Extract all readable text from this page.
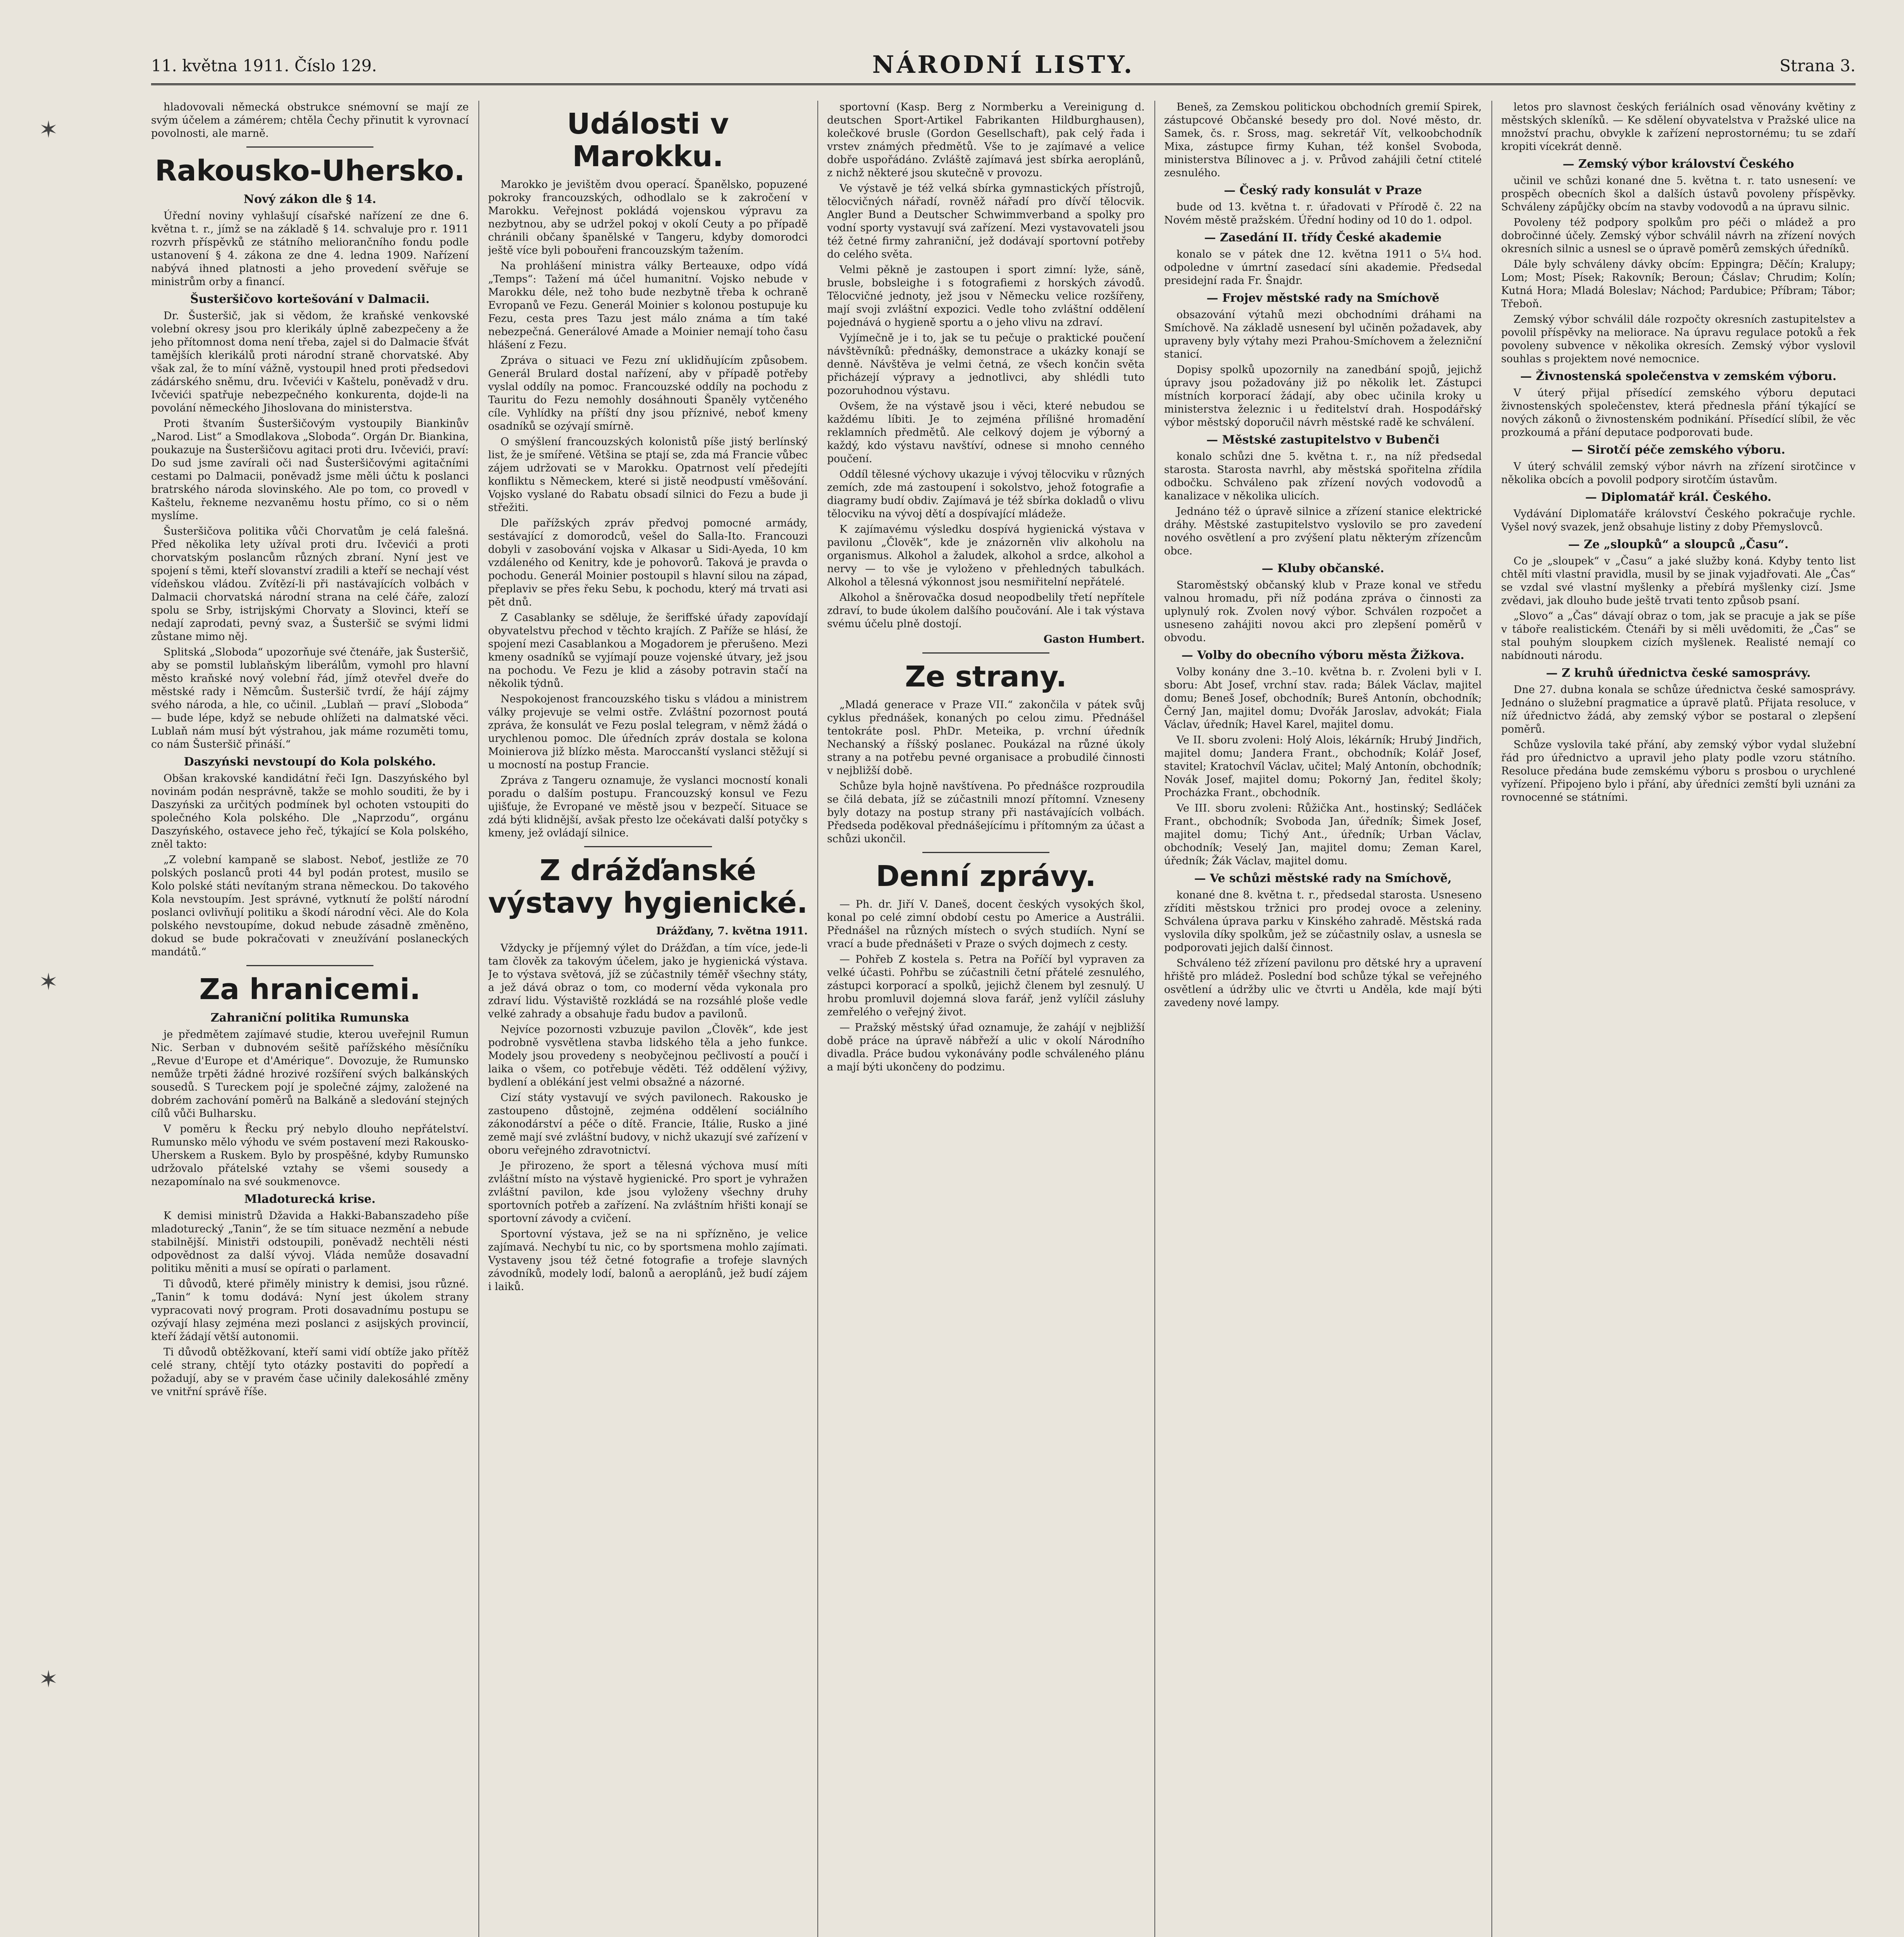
11. května 1911. Číslo 129.	NÁRODNÍ LISTY.	Strana 3.
✶
✶
✶

hladovovali německá obstrukce snémovní se mají ze svým účelem a zámérem; chtěla Čechy přinutit k vyrovnací povolnosti, ale marně.

Rakousko-Uhersko.
Nový zákon dle § 14.

Úřední noviny vyhlašují císařské nařízení ze dne 6. května t. r., jímž se na základě § 14. schvaluje pro r. 1911 rozvrh příspěvků ze státního meliorančního fondu podle ustanovení § 4. zákona ze dne 4. ledna 1909. Nařízení nabývá ihned platnosti a jeho provedení svěřuje se ministrům orby a financí.

Šusteršičovo kortešování v Dalmacii.

Dr. Šusteršič, jak si vědom, že kraňské venkovské volební okresy jsou pro klerikály úplně zabezpečeny a že jeho přítomnost doma není třeba, zajel si do Dalmacie šťvát tamějších klerikálů proti národní straně chorvatské. Aby však zal, že to míní vážně, vystoupil hned proti předsedovi zádárského sněmu, dru. Ivčevići v Kaštelu, poněvadž v dru. Ivčevići spatřuje nebezpečného konkurenta, dojde-li na povolání německého Jihoslovana do ministerstva.

Proti štvaním Šusteršičovým vystoupily Biankinův „Narod. List“ a Smodlakova „Sloboda“. Orgán Dr. Biankina, poukazuje na Šusteršičovu agitaci proti dru. Ivčevići, praví: Do sud jsme zavírali oči nad Šusteršičovými agitačními cestami po Dalmacii, poněvadž jsme měli účtu k poslanci bratrského národa slovinského. Ale po tom, co provedl v Kaštelu, řekneme nezvaněmu hostu přímo, co si o něm myslíme.

Šusteršičova politika vůči Chorvatům je celá falešná. Před několika lety užíval proti dru. Ivčevići a proti chorvatským poslancům různých zbraní. Nyní jest ve spojení s těmi, kteří slovanství zradili a kteří se nechají vést vídeňskou vládou. Zvítězí-li při nastávajících volbách v Dalmacii chorvatská národní strana na celé čáře, zalozí spolu se Srby, istrijskými Chorvaty a Slovinci, kteří se nedají zaprodati, pevný svaz, a Šusteršič se svými lidmi zůstane mimo něj.

Splitská „Sloboda“ upozorňuje své čtenáře, jak Šusteršič, aby se pomstil lublaňským liberálům, vymohl pro hlavní město kraňské nový volební řád, jímž otevřel dveře do městské rady i Němcům. Šusteršič tvrdí, že hájí zájmy svého národa, a hle, co učinil. „Lublaň — praví „Sloboda“ — bude lépe, když se nebude ohlížeti na dalmatské věci. Lublaň nám musí být výstrahou, jak máme rozuměti tomu, co nám Šusteršič přináší.“

Daszyński nevstoupí do Kola polského.

Obšan krakovské kandidátní řeči Ign. Daszyńského byl novinám podán nesprávně, takže se mohlo souditi, že by i Daszyński za určitých podmínek byl ochoten vstoupiti do společného Kola polského. Dle „Naprzodu“, orgánu Daszyńského, ostavece jeho řeč, týkající se Kola polského, zněl takto:

„Z volební kampaně se slabost. Neboť, jestliže ze 70 polských poslanců proti 44 byl podán protest, musilo se Kolo polské státi nevítaným strana německou. Do takového Kola nevstoupím. Jest správné, vytknutí že polští národní poslanci ovlivňují politiku a škodí národní věci. Ale do Kola polského nevstoupíme, dokud nebude zásadně změněno, dokud se bude pokračovati v zneužívání poslaneckých mandátů.“

Za hranicemi.
Zahraniční politika Rumunska

je předmětem zajímavé studie, kterou uveřejnil Rumun Nic. Serban v dubnovém sešitě pařížského měsíčníku „Revue d'Europe et d'Amérique“. Dovozuje, že Rumunsko nemůže trpěti žádné hrozivé rozšíření svých balkánských sousedů. S Tureckem pojí je společné zájmy, založené na dobrém zachování poměrů na Balkáně a sledování stejných cílů vůči Bulharsku.

V poměru k Řecku prý nebylo dlouho nepřátelství. Rumunsko mělo výhodu ve svém postavení mezi Rakousko-Uherskem a Ruskem. Bylo by prospěšné, kdyby Rumunsko udržovalo přátelské vztahy se všemi sousedy a nezapomínalo na své soukmenovce.

Mladoturecká krise.

K demisi ministrů Džavida a Hakki-Babanszadeho píše mladoturecký „Tanin“, že se tím situace nezmění a nebude stabilnější. Ministři odstoupili, poněvadž nechtěli nésti odpovědnost za další vývoj. Vláda nemůže dosavadní politiku měniti a musí se opírati o parlament.

Ti důvodů, které přiměly ministry k demisi, jsou různé. „Tanin“ k tomu dodává: Nyní jest úkolem strany vypracovati nový program. Proti dosavadnímu postupu se ozývají hlasy zejména mezi poslanci z asijských provincií, kteří žádají větší autonomii.

Ti důvodů obtěžkovaní, kteří sami vidí obtíže jako přítěž celé strany, chtějí tyto otázky postaviti do popředí a požadují, aby se v pravém čase učinily dalekosáhlé změny ve vnitřní správě říše.

Události v Marokku.

Marokko je jevištěm dvou operací. Španělsko, popuzené pokroky francouzských, odhodlalo se k zakročení v Marokku. Veřejnost pokládá vojenskou výpravu za nezbytnou, aby se udržel pokoj v okolí Ceuty a po případě chránili občany španělské v Tangeru, kdyby domorodci ještě více byli pobouřeni francouzským tažením.

Na prohlášení ministra války Berteauxe, odpo vídá „Temps“: Tažení má účel humanitní. Vojsko nebude v Marokku déle, než toho bude nezbytně třeba k ochraně Evropanů ve Fezu. Generál Moinier s kolonou postupuje ku Fezu, cesta pres Tazu jest málo známa a tím také nebezpečná. Generálové Amade a Moinier nemají toho času hlášení z Fezu.

Zpráva o situaci ve Fezu zní uklidňujícím způsobem. Generál Brulard dostal nařízení, aby v případě potřeby vyslal oddíly na pomoc. Francouzské oddíly na pochodu z Tauritu do Fezu nemohly dosáhnouti Španěly vytčeného cíle. Vyhlídky na příští dny jsou příznivé, neboť kmeny osadníků se ozývají smírně.

O smýšlení francouzských kolonistů píše jistý berlínský list, že je smířené. Většina se ptají se, zda má Francie vůbec zájem udržovati se v Marokku. Opatrnost velí předejíti konfliktu s Německem, které si jistě neodpustí vměšování. Vojsko vyslané do Rabatu obsadí silnici do Fezu a bude ji střežiti.

Dle pařížských zpráv předvoj pomocné armády, sestávající z domorodců, vešel do Salla-Ito. Francouzi dobyli v zasobování vojska v Alkasar u Sidi-Ayeda, 10 km vzdáleného od Kenitry, kde je pohovorů. Taková je pravda o pochodu. Generál Moinier postoupil s hlavní silou na západ, přeplaviv se přes řeku Sebu, k pochodu, který má trvati asi pět dnů.

Z Casablanky se sděluje, že šeriffské úřady zapovídají obyvatelstvu přechod v těchto krajích. Z Paříže se hlásí, že spojení mezi Casablankou a Mogadorem je přerušeno. Mezi kmeny osadníků se vyjímají pouze vojenské útvary, jež jsou na pochodu. Ve Fezu je klid a zásoby potravin stačí na několik týdnů.

Nespokojenost francouzského tisku s vládou a ministrem války projevuje se velmi ostře. Zvláštní pozornost poutá zpráva, že konsulát ve Fezu poslal telegram, v němž žádá o urychlenou pomoc. Dle úředních zpráv dostala se kolona Moinierova již blízko města. Maroccanští vyslanci stěžují si u mocností na postup Francie.

Zpráva z Tangeru oznamuje, že vyslanci mocností konali poradu o dalším postupu. Francouzský konsul ve Fezu ujišťuje, že Evropané ve městě jsou v bezpečí. Situace se zdá býti klidnější, avšak přesto lze očekávati další potyčky s kmeny, jež ovládají silnice.

Z drážďanské výstavy hygienické.

Drážďany, 7. května 1911.

Vždycky je příjemný výlet do Drážďan, a tím více, jede-li tam člověk za takovým účelem, jako je hygienická výstava. Je to výstava světová, jíž se zúčastnily téměř všechny státy, a jež dává obraz o tom, co moderní věda vykonala pro zdraví lidu. Výstaviště rozkládá se na rozsáhlé ploše vedle velké zahrady a obsahuje řadu budov a pavilonů.

Nejvíce pozornosti vzbuzuje pavilon „Člověk“, kde jest podrobně vysvětlena stavba lidského těla a jeho funkce. Modely jsou provedeny s neobyčejnou pečlivostí a poučí i laika o všem, co potřebuje věděti. Též oddělení výživy, bydlení a oblékání jest velmi obsažné a názorné.

Cizí státy vystavují ve svých pavilonech. Rakousko je zastoupeno důstojně, zejména oddělení sociálního zákonodárství a péče o dítě. Francie, Itálie, Rusko a jiné země mají své zvláštní budovy, v nichž ukazují své zařízení v oboru veřejného zdravotnictví.

Je přirozeno, že sport a tělesná výchova musí míti zvláštní místo na výstavě hygienické. Pro sport je vyhražen zvláštní pavilon, kde jsou vyloženy všechny druhy sportovních potřeb a zařízení. Na zvláštním hřišti konají se sportovní závody a cvičení.

Sportovní výstava, jež se na ni spřízněno, je velice zajímavá. Nechybí tu nic, co by sportsmena mohlo zajímati. Vystaveny jsou též četné fotografie a trofeje slavných závodníků, modely lodí, balonů a aeroplánů, jež budí zájem i laiků.

sportovní (Kasp. Berg z Normberku a Vereinigung d. deutschen Sport-Artikel Fabrikanten Hildburghausen), kolečkové brusle (Gordon Gesellschaft), pak celý řada i vrstev známých předmětů. Vše to je zajímavé a velice dobře uspořádáno. Zvláště zajímavá jest sbírka aeroplánů, z nichž některé jsou skutečně v provozu.

Ve výstavě je též velká sbírka gymnastických přístrojů, tělocvičných nářadí, rovněž nářadí pro dívčí tělocvik. Angler Bund a Deutscher Schwimmverband a spolky pro vodní sporty vystavují svá zařízení. Mezi vystavovateli jsou též četné firmy zahraniční, jež dodávají sportovní potřeby do celého světa.

Velmi pěkně je zastoupen i sport zimní: lyže, sáně, brusle, bobsleighe i s fotografiemi z horských závodů. Tělocvičné jednoty, jež jsou v Německu velice rozšířeny, mají svoji zvláštní expozici. Vedle toho zvláštní oddělení pojednává o hygieně sportu a o jeho vlivu na zdraví.

Vyjímečně je i to, jak se tu pečuje o praktické poučení návštěvníků: přednášky, demonstrace a ukázky konají se denně. Návštěva je velmi četná, ze všech končin světa přicházejí výpravy a jednotlivci, aby shlédli tuto pozoruhodnou výstavu.

Ovšem, že na výstavě jsou i věci, které nebudou se každému líbiti. Je to zejména přílišné hromadění reklamních předmětů. Ale celkový dojem je výborný a každý, kdo výstavu navštíví, odnese si mnoho cenného poučení.

Oddíl tělesné výchovy ukazuje i vývoj tělocviku v různých zemích, zde má zastoupení i sokolstvo, jehož fotografie a diagramy budí obdiv. Zajímavá je též sbírka dokladů o vlivu tělocviku na vývoj dětí a dospívající mládeže.

K zajímavému výsledku dospívá hygienická výstava v pavilonu „Člověk“, kde je znázorněn vliv alkoholu na organismus. Alkohol a žaludek, alkohol a srdce, alkohol a nervy — to vše je vyloženo v přehledných tabulkách. Alkohol a tělesná výkonnost jsou nesmiřitelní nepřátelé.

Alkohol a šněrovačka dosud neopodbelily třetí nepřítele zdraví, to bude úkolem dalšího poučování. Ale i tak výstava svému účelu plně dostojí.

Gaston Humbert.

Ze strany.

„Mladá generace v Praze VII.“ zakončila v pátek svůj cyklus přednášek, konaných po celou zimu. Přednášel tentokráte posl. PhDr. Meteika, p. vrchní úředník Nechanský a říšský poslanec. Poukázal na různé úkoly strany a na potřebu pevné organisace a probudilé činnosti v nejbližší době.

Schůze byla hojně navštívena. Po přednášce rozproudila se čilá debata, jíž se zúčastnili mnozí přítomní. Vzneseny byly dotazy na postup strany při nastávajících volbách. Předseda poděkoval přednášejícímu i přítomným za účast a schůzi ukončil.

Denní zprávy.

— Ph. dr. Jiří V. Daneš, docent českých vysokých škol, konal po celé zimní období cestu po Americe a Austrálii. Přednášel na různých místech o svých studiích. Nyní se vrací a bude přednášeti v Praze o svých dojmech z cesty.

— Pohřeb Z kostela s. Petra na Poříčí byl vypraven za velké účasti. Pohřbu se zúčastnili četní přátelé zesnulého, zástupci korporací a spolků, jejichž členem byl zesnulý. U hrobu promluvil dojemná slova farář, jenž vylíčil zásluhy zemřelého o veřejný život.

— Pražský městský úřad oznamuje, že zahájí v nejbližší době práce na úpravě nábřeží a ulic v okolí Národního divadla. Práce budou vykonávány podle schváleného plánu a mají býti ukončeny do podzimu.

Beneš, za Zemskou politickou obchodních gremií Spirek, zástupcové Občanské besedy pro dol. Nové město, dr. Samek, čs. r. Sross, mag. sekretář Vít, velkoobchodník Mixa, zástupce firmy Kuhan, též konšel Svoboda, ministerstva Bílinovec a j. v. Průvod zahájili četní ctitelé zesnulého.

— Český rady konsulát v Praze

bude od 13. května t. r. úřadovati v Přírodě č. 22 na Novém městě pražském. Úřední hodiny od 10 do 1. odpol.

— Zasedání II. třídy České akademie

konalo se v pátek dne 12. května 1911 o 5¼ hod. odpoledne v úmrtní zasedací síni akademie. Předsedal presidejní rada Fr. Šnajdr.

— Frojev městské rady na Smíchově

obsazování výtahů mezi obchodními dráhami na Smíchově. Na základě usnesení byl učiněn požadavek, aby upraveny byly výtahy mezi Prahou-Smíchovem a železniční stanicí.

Dopisy spolků upozornily na zanedbání spojů, jejichž úpravy jsou požadovány již po několik let. Zástupci místních korporací žádají, aby obec učinila kroky u ministerstva železnic i u ředitelství drah. Hospodářský výbor městský doporučil návrh městské radě ke schválení.

— Městské zastupitelstvo v Bubenči

konalo schůzi dne 5. května t. r., na níž předsedal starosta. Starosta navrhl, aby městská spořitelna zřídila odbočku. Schváleno pak zřízení nových vodovodů a kanalizace v několika ulicích.

Jednáno též o úpravě silnice a zřízení stanice elektrické dráhy. Městské zastupitelstvo vyslovilo se pro zavedení nového osvětlení a pro zvýšení platu některým zřízencům obce.

— Kluby občanské.

Staroměstský občanský klub v Praze konal ve středu valnou hromadu, při níž podána zpráva o činnosti za uplynulý rok. Zvolen nový výbor. Schválen rozpočet a usneseno zahájiti novou akci pro zlepšení poměrů v obvodu.

— Volby do obecního výboru města Žižkova.

Volby konány dne 3.–10. května b. r. Zvoleni byli v I. sboru: Abt Josef, vrchní stav. rada; Bálek Václav, majitel domu; Beneš Josef, obchodník; Bureš Antonín, obchodník; Černý Jan, majitel domu; Dvořák Jaroslav, advokát; Fiala Václav, úředník; Havel Karel, majitel domu.

Ve II. sboru zvoleni: Holý Alois, lékárník; Hrubý Jindřich, majitel domu; Jandera Frant., obchodník; Kolář Josef, stavitel; Kratochvíl Václav, učitel; Malý Antonín, obchodník; Novák Josef, majitel domu; Pokorný Jan, ředitel školy; Procházka Frant., obchodník.

Ve III. sboru zvoleni: Růžička Ant., hostinský; Sedláček Frant., obchodník; Svoboda Jan, úředník; Šimek Josef, majitel domu; Tichý Ant., úředník; Urban Václav, obchodník; Veselý Jan, majitel domu; Zeman Karel, úředník; Žák Václav, majitel domu.

— Ve schůzi městské rady na Smíchově,

konané dne 8. května t. r., předsedal starosta. Usneseno zříditi městskou tržnici pro prodej ovoce a zeleniny. Schválena úprava parku v Kinského zahradě. Městská rada vyslovila díky spolkům, jež se zúčastnily oslav, a usnesla se podporovati jejich další činnost.

Schváleno též zřízení pavilonu pro dětské hry a upravení hřiště pro mládež. Poslední bod schůze týkal se veřejného osvětlení a údržby ulic ve čtvrti u Anděla, kde mají býti zavedeny nové lampy.

letos pro slavnost českých feriálních osad věnovány květiny z městských skleníků. — Ke sdělení obyvatelstva v Pražské ulice na množství prachu, obvykle k zařízení neprostornému; tu se zdaří kropiti vícekrát denně.

— Zemský výbor království Českého

učinil ve schůzi konané dne 5. května t. r. tato usnesení: ve prospěch obecních škol a dalších ústavů povoleny příspěvky. Schváleny zápůjčky obcím na stavby vodovodů a na úpravu silnic.

Povoleny též podpory spolkům pro péči o mládež a pro dobročinné účely. Zemský výbor schválil návrh na zřízení nových okresních silnic a usnesl se o úpravě poměrů zemských úředníků.

Dále byly schváleny dávky obcím: Eppingra; Děčín; Kralupy; Lom; Most; Písek; Rakovník; Beroun; Čáslav; Chrudim; Kolín; Kutná Hora; Mladá Boleslav; Náchod; Pardubice; Příbram; Tábor; Třeboň.

Zemský výbor schválil dále rozpočty okresních zastupitelstev a povolil příspěvky na meliorace. Na úpravu regulace potoků a řek povoleny subvence v několika okresích. Zemský výbor vyslovil souhlas s projektem nové nemocnice.

— Živnostenská společenstva v zemském výboru.

V úterý přijal přísedící zemského výboru deputaci živnostenských společenstev, která přednesla přání týkající se nových zákonů o živnostenském podnikání. Přísedící slíbil, že věc prozkoumá a přání deputace podporovati bude.

— Sirotčí péče zemského výboru.

V úterý schválil zemský výbor návrh na zřízení sirotčince v několika obcích a povolil podpory sirotčím ústavům.

— Diplomatář král. Českého.

Vydávání Diplomatáře království Českého pokračuje rychle. Vyšel nový svazek, jenž obsahuje listiny z doby Přemyslovců.

— Ze „sloupků“ a sloupců „Času“.

Co je „sloupek“ v „Času“ a jaké služby koná. Kdyby tento list chtěl míti vlastní pravidla, musil by se jinak vyjadřovati. Ale „Čas“ se vzdal své vlastní myšlenky a přebírá myšlenky cizí. Jsme zvědavi, jak dlouho bude ještě trvati tento způsob psaní.

„Slovo“ a „Čas“ dávají obraz o tom, jak se pracuje a jak se píše v táboře realistickém. Čtenáři by si měli uvědomiti, že „Čas“ se stal pouhým sloupkem cizích myšlenek. Realisté nemají co nabídnouti národu.

— Z kruhů úřednictva české samosprávy.

Dne 27. dubna konala se schůze úřednictva české samosprávy. Jednáno o služební pragmatice a úpravě platů. Přijata resoluce, v níž úřednictvo žádá, aby zemský výbor se postaral o zlepšení poměrů.

Schůze vyslovila také přání, aby zemský výbor vydal služební řád pro úřednictvo a upravil jeho platy podle vzoru státního. Resoluce předána bude zemskému výboru s prosbou o urychlené vyřízení. Připojeno bylo i přání, aby úředníci zemští byli uznáni za rovnocenné se státními.
